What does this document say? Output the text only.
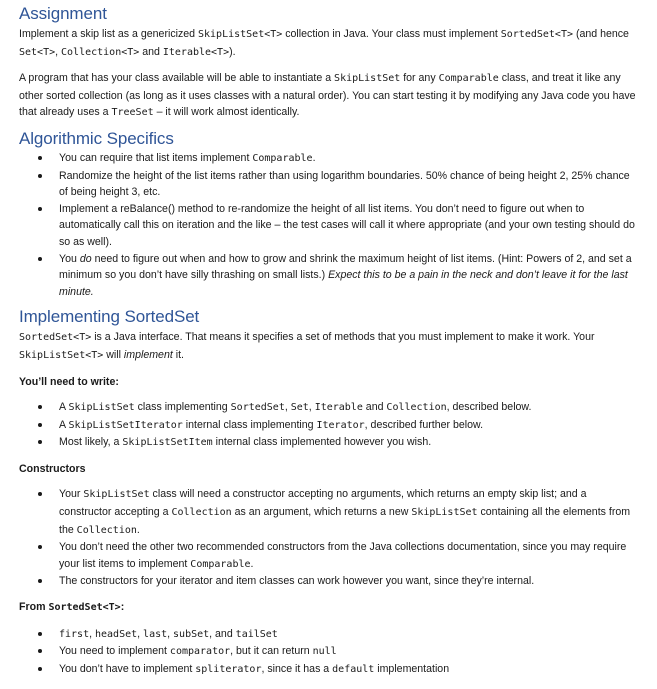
Assignment

Implement a skip list as a genericized SkipListSet<T> collection in Java. Your class must implement SortedSet<T> (and hence Set<T>, Collection<T> and Iterable<T>).

A program that has your class available will be able to instantiate a SkipListSet for any Comparable class, and treat it like any other sorted collection (as long as it uses classes with a natural order). You can start testing it by modifying any Java code you have that already uses a TreeSet – it will work almost identically.

Algorithmic Specifics
You can require that list items implement Comparable.
Randomize the height of the list items rather than using logarithm boundaries. 50% chance of being height 2, 25% chance of being height 3, etc.
Implement a reBalance() method to re-randomize the height of all list items. You don’t need to figure out when to automatically call this on iteration and the like – the test cases will call it where appropriate (and your own testing should do so as well).
You do need to figure out when and how to grow and shrink the maximum height of list items. (Hint: Powers of 2, and set a minimum so you don’t have silly thrashing on small lists.) Expect this to be a pain in the neck and don’t leave it for the last minute.
Implementing SortedSet

SortedSet<T> is a Java interface. That means it specifies a set of methods that you must implement to make it work. Your SkipListSet<T> will implement it.

You’ll need to write:

A SkipListSet class implementing SortedSet, Set, Iterable and Collection, described below.
A SkipListSetIterator internal class implementing Iterator, described further below.
Most likely, a SkipListSetItem internal class implemented however you wish.

Constructors

Your SkipListSet class will need a constructor accepting no arguments, which returns an empty skip list; and a constructor accepting a Collection as an argument, which returns a new SkipListSet containing all the elements from the Collection.
You don’t need the other two recommended constructors from the Java collections documentation, since you may require your list items to implement Comparable.
The constructors for your iterator and item classes can work however you want, since they’re internal.

From SortedSet<T>:

first, headSet, last, subSet, and tailSet
You need to implement comparator, but it can return null
You don’t have to implement spliterator, since it has a default implementation
